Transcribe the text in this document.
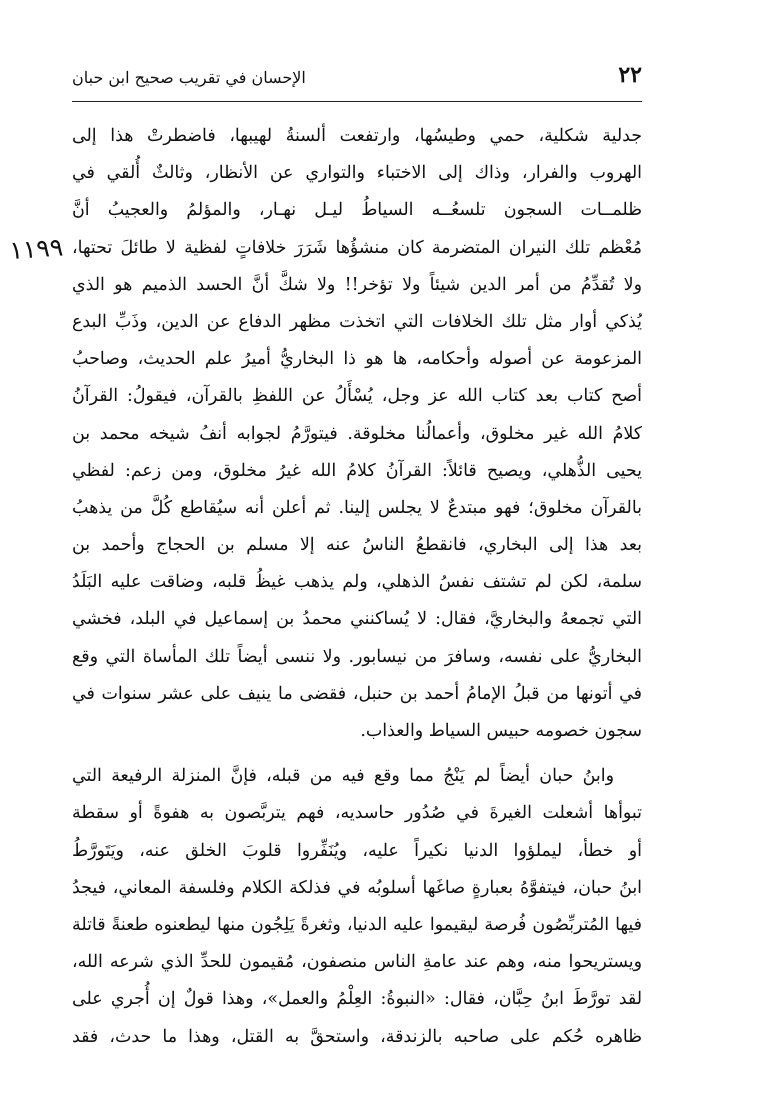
٢٢
الإحسان في تقريب صحيح ابن حبان
١١٩٩
جدلية شكلية، حمي وطيسُها، وارتفعت ألسنةُ لهيبها، فاضطرتْ هذا إلى
الهروب والفرار، وذاك إلى الاختباء والتواري عن الأنظار، وثالثٌ أُلقي في
ظلمــات السجون تلسعُــه السياطُ ليـل نهـار، والمؤلمُ والعجيبُ أنَّ
مُعْظم تلك النيران المتضرمة كان منشؤُها شَرَرَ خلافاتٍ لفظية لا طائلَ تحتها،
ولا تُقدِّمُ من أمر الدين شيئاً ولا تؤخر!! ولا شكَّ أنَّ الحسد الذميم هو الذي
يُذكي أوار مثل تلك الخلافات التي اتخذت مظهر الدفاع عن الدين، وذَبِّ البدع
المزعومة عن أصوله وأحكامه، ها هو ذا البخاريُّ أميرُ علم الحديث، وصاحبُ
أصح كتاب بعد كتاب الله عز وجل، يُسْأَلُ عن اللفظِ بالقرآن، فيقولُ: القرآنُ
كلامُ الله غير مخلوق، وأعمالُنا مخلوقة. فيتورَّمُ لجوابه أنفُ شيخه محمد بن
يحيى الذُّهلي، ويصيح قائلاً: القرآنُ كلامُ الله غيرُ مخلوق، ومن زعم: لفظي
بالقرآن مخلوق؛ فهو مبتدعٌ لا يجلس إلينا. ثم أعلن أنه سيُقاطع كُلَّ من يذهبُ
بعد هذا إلى البخاري، فانقطعُ الناسُ عنه إلا مسلم بن الحجاج وأحمد بن
سلمة، لكن لم تشتف نفسُ الذهلي، ولم يذهب غيظُ قلبه، وضاقت عليه البَلَدُ
التي تجمعهُ والبخاريَّ، فقال: لا يُساكنني محمدُ بن إسماعيل في البلد، فخشي
البخاريُّ على نفسه، وسافرَ من نيسابور. ولا ننسى أيضاً تلك المأساة التي وقع
في أتونها من قبلُ الإمامُ أحمد بن حنبل، فقضى ما ينيف على عشر سنوات في
سجون خصومه حبيس السياط والعذاب.
وابنُ حبان أيضاً لم يَنْجُ مما وقع فيه من قبله، فإنَّ المنزلة الرفيعة التي
تبوأها أشعلت الغيرةَ في صُدُور حاسديه، فهم يتربَّصون به هفوةً أو سقطة
أو خطأ، ليملؤوا الدنيا نكيراً عليه، ويُنَفِّروا قلوبَ الخلق عنه، ويَتَورَّطُ
ابنُ حبان، فيتفوَّهُ بعبارةٍ صاغَها أسلوبُه في فذلكة الكلام وفلسفة المعاني، فيجدُ
فيها المُتربِّصُون فُرصة ليقيموا عليه الدنيا، وثغرةً يَلِجُون منها ليطعنوه طعنةً قاتلة
ويستريحوا منه، وهم عند عامةِ الناس منصفون، مُقيمون للحدِّ الذي شرعه الله،
لقد تورَّطَ ابنُ حِبَّان، فقال: «النبوةُ: العِلْمُ والعمل»، وهذا قولٌ إن أُجري على
ظاهره حُكم على صاحبه بالزندقة، واستحقَّ به القتل، وهذا ما حدث، فقد
